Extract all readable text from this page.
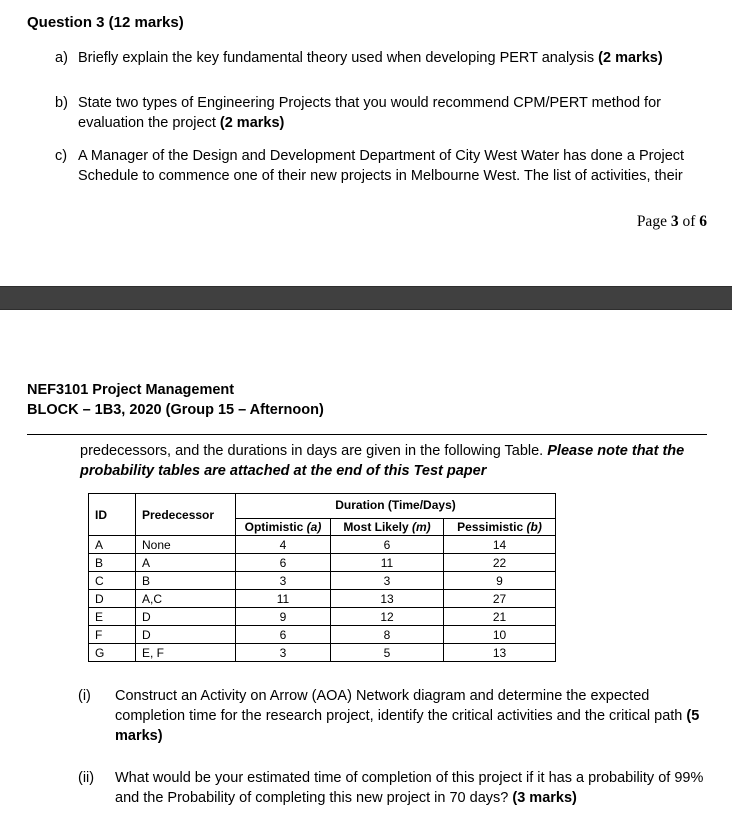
Question 3 (12 marks)
a) Briefly explain the key fundamental theory used when developing PERT analysis (2 marks)

b) State two types of Engineering Projects that you would recommend CPM/PERT method for evaluation the project (2 marks)

c) A Manager of the Design and Development Department of City West Water has done a Project Schedule to commence one of their new projects in Melbourne West. The list of activities, their

Page 3 of 6
NEF3101 Project Management
BLOCK – 1B3, 2020 (Group 15 – Afternoon)

predecessors, and the durations in days are given in the following Table. Please note that the probability tables are attached at the end of this Test paper

ID	Predecessor	Duration (Time/Days)		
		Optimistic (a)	Most Likely (m)	Pessimistic (b)
A	None	4	6	14
B	A	6	11	22
C	B	3	3	9
D	A,C	11	13	27
E	D	9	12	21
F	D	6	8	10
G	E, F	3	5	13
(i)	Construct an Activity on Arrow (AOA) Network diagram and determine the expected completion time for the research project, identify the critical activities and the critical path (5 marks)

(ii)	What would be your estimated time of completion of this project if it has a probability of 99% and the Probability of completing this new project in 70 days? (3 marks)
